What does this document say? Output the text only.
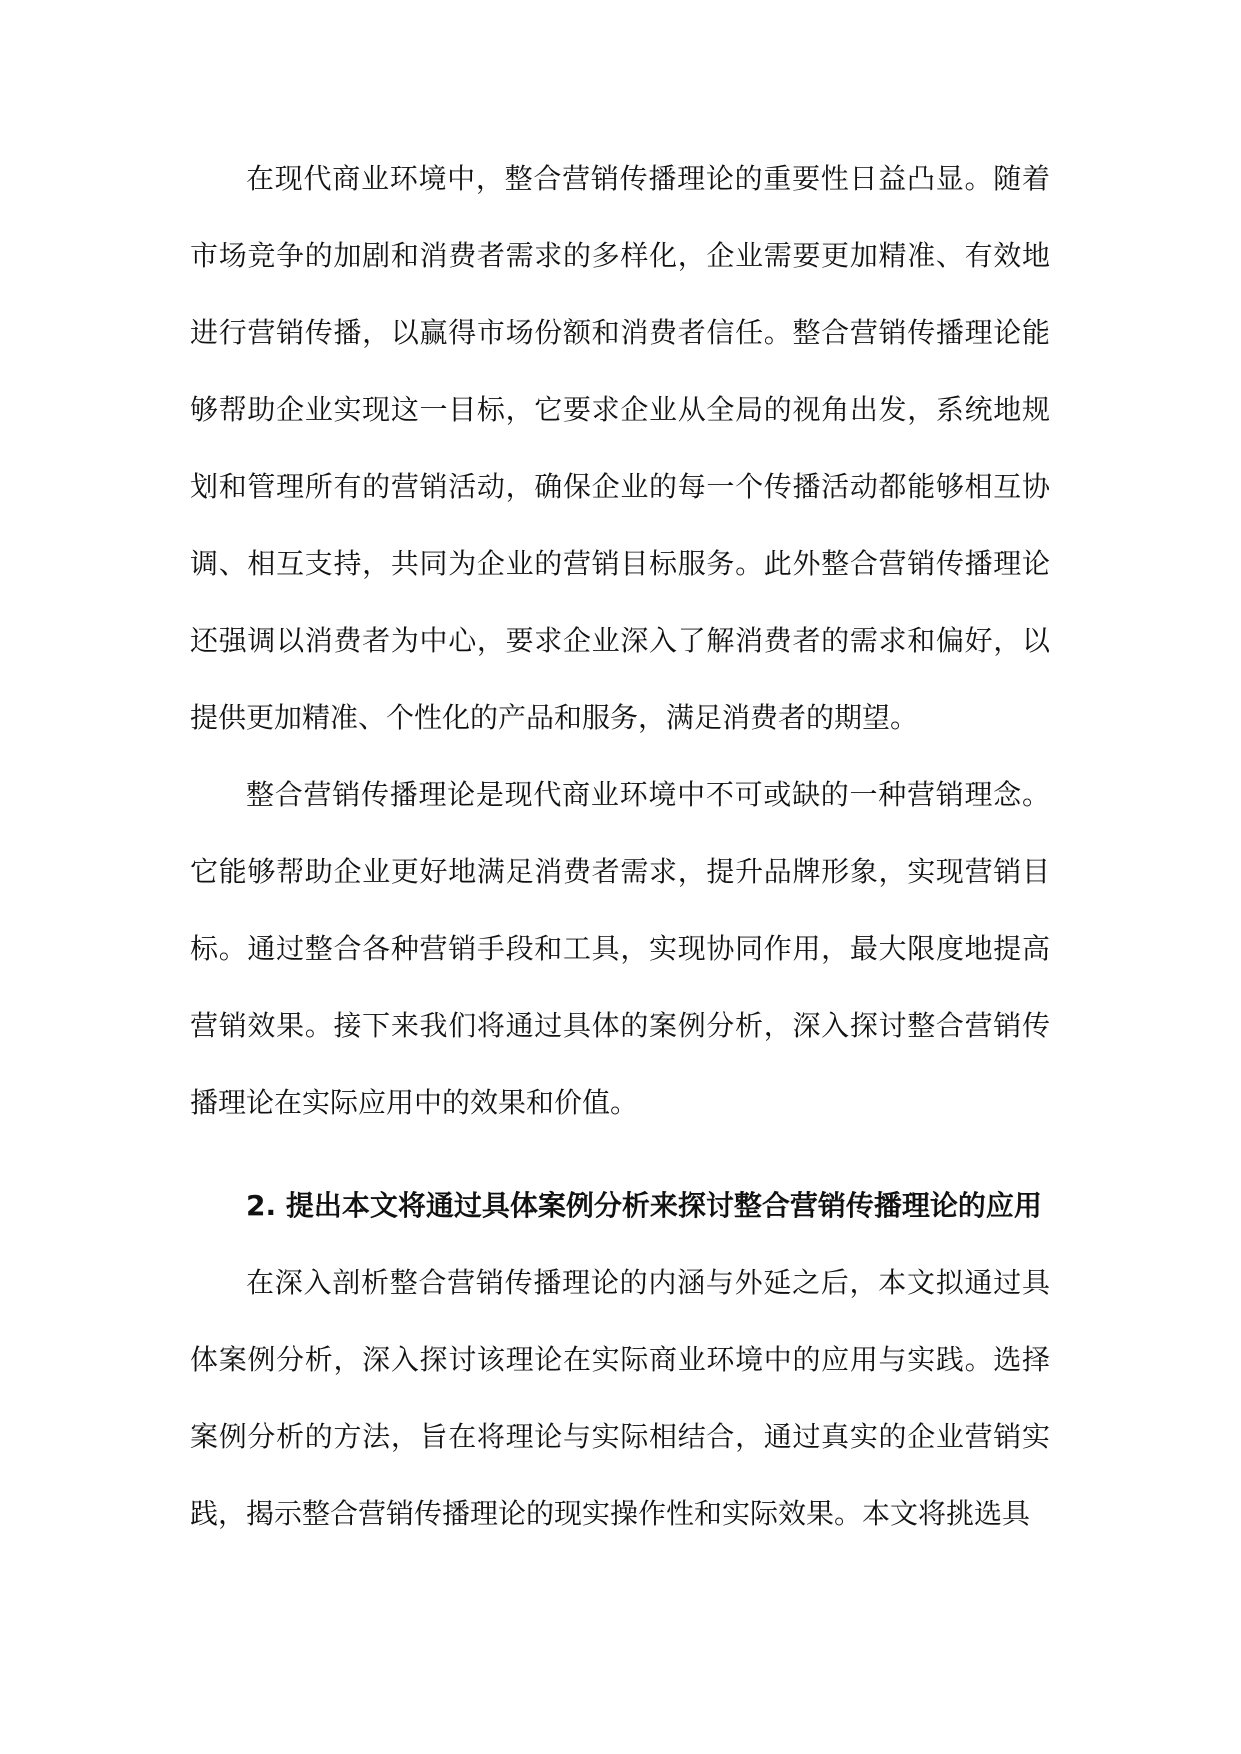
在现代商业环境中，整合营销传播理论的重要性日益凸显。随着市场竞争的加剧和消费者需求的多样化，企业需要更加精准、有效地进行营销传播，以赢得市场份额和消费者信任。整合营销传播理论能够帮助企业实现这一目标，它要求企业从全局的视角出发，系统地规划和管理所有的营销活动，确保企业的每一个传播活动都能够相互协调、相互支持，共同为企业的营销目标服务。此外整合营销传播理论还强调以消费者为中心，要求企业深入了解消费者的需求和偏好，以提供更加精准、个性化的产品和服务，满足消费者的期望。

整合营销传播理论是现代商业环境中不可或缺的一种营销理念。它能够帮助企业更好地满足消费者需求，提升品牌形象，实现营销目标。通过整合各种营销手段和工具，实现协同作用，最大限度地提高营销效果。接下来我们将通过具体的案例分析，深入探讨整合营销传播理论在实际应用中的效果和价值。

2. 提出本文将通过具体案例分析来探讨整合营销传播理论的应用

在深入剖析整合营销传播理论的内涵与外延之后，本文拟通过具体案例分析，深入探讨该理论在实际商业环境中的应用与实践。选择案例分析的方法，旨在将理论与实际相结合，通过真实的企业营销实践，揭示整合营销传播理论的现实操作性和实际效果。本文将挑选具
